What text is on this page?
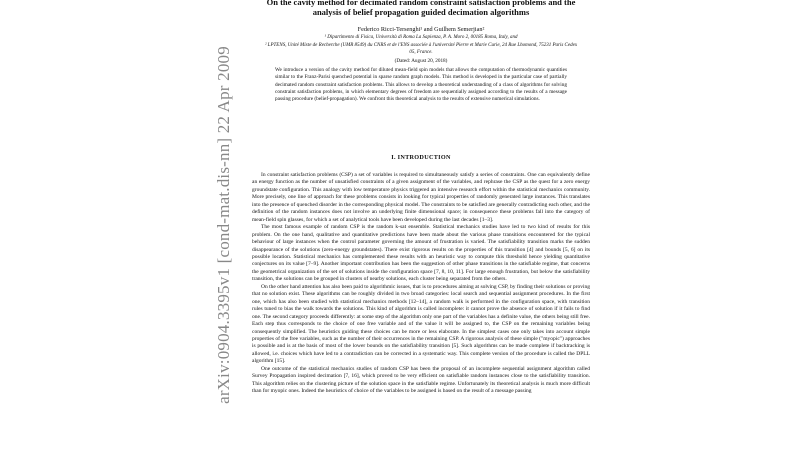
arXiv:0904.3395v1 [cond-mat.dis-nn] 22 Apr 2009
On the cavity method for decimated random constraint satisfaction problems and the analysis of belief propagation guided decimation algorithms
Federico Ricci-Tersenghi¹ and Guilhem Semerjian²
¹ Dipartimento di Fisica, Università di Roma La Sapienza, P. A. Moro 2, 00185 Roma, Italy, and
² LPTENS, Unité Mixte de Recherche (UMR 8549) du CNRS et de l'ENS associée à l'université Pierre et Marie Curie, 24 Rue Lhomond, 75231 Paris Cedex 05, France.
(Dated: August 20, 2018)

We introduce a version of the cavity method for diluted mean-field spin models that allows the computation of thermodynamic quantities similar to the Franz-Parisi quenched potential in sparse random graph models. This method is developed in the particular case of partially decimated random constraint satisfaction problems. This allows to develop a theoretical understanding of a class of algorithms for solving constraint satisfaction problems, in which elementary degrees of freedom are sequentially assigned according to the results of a message passing procedure (belief-propagation). We confront this theoretical analysis to the results of extensive numerical simulations.

I. INTRODUCTION

In constraint satisfaction problems (CSP) a set of variables is required to simultaneously satisfy a series of constraints. One can equivalently define an energy function as the number of unsatisfied constraints of a given assignment of the variables, and rephrase the CSP as the quest for a zero energy groundstate configuration. This analogy with low temperature physics triggered an intensive research effort within the statistical mechanics community. More precisely, one line of approach for these problems consists in looking for typical properties of randomly generated large instances. This translates into the presence of quenched disorder in the corresponding physical model. The constraints to be satisfied are generally contradicting each other, and the definition of the random instances does not involve an underlying finite dimensional space; in consequence these problems fall into the category of mean-field spin glasses, for which a set of analytical tools have been developed during the last decades [1–3].

The most famous example of random CSP is the random k-sat ensemble. Statistical mechanics studies have led to two kind of results for this problem. On the one hand, qualitative and quantitative predictions have been made about the various phase transitions encountered for the typical behaviour of large instances when the control parameter governing the amount of frustration is varied. The satisfiability transition marks the sudden disappearance of the solutions (zero-energy groundstates). There exist rigorous results on the properties of this transition [4] and bounds [5, 6] on its possible location. Statistical mechanics has complemented these results with an heuristic way to compute this threshold hence yielding quantitative conjectures on its value [7–9]. Another important contribution has been the suggestion of other phase transitions in the satisfiable regime, that concerns the geometrical organization of the set of solutions inside the configuration space [7, 8, 10, 11]. For large enough frustration, but below the satisfiability transition, the solutions can be grouped in clusters of nearby solutions, each cluster being separated from the others.

On the other hand attention has also been paid to algorithmic issues, that is to procedures aiming at solving CSP, by finding their solutions or proving that no solution exist. These algorithms can be roughly divided in two broad categories: local search and sequential assignment procedures. In the first one, which has also been studied with statistical mechanics methods [12–14], a random walk is performed in the configuration space, with transition rules tuned to bias the walk towards the solutions. This kind of algorithm is called incomplete: it cannot prove the absence of solution if it fails to find one. The second category proceeds differently: at some step of the algorithm only one part of the variables has a definite value, the others being still free. Each step thus corresponds to the choice of one free variable and of the value it will be assigned to, the CSP on the remaining variables being consequently simplified. The heuristics guiding these choices can be more or less elaborate. In the simplest cases one only takes into account simple properties of the free variables, such as the number of their occurrences in the remaining CSP. A rigorous analysis of these simple ("myopic") approaches is possible and is at the basis of most of the lower bounds on the satisfiability transition [5]. Such algorithms can be made complete if backtracking is allowed, i.e. choices which have led to a contradiction can be corrected in a systematic way. This complete version of the procedure is called the DPLL algorithm [15].

One outcome of the statistical mechanics studies of random CSP has been the proposal of an incomplete sequential assignment algorithm called Survey Propagation inspired decimation [7, 16], which proved to be very efficient on satisfiable random instances close to the satisfiability transition. This algorithm relies on the clustering picture of the solution space in the satisfiable regime. Unfortunately its theoretical analysis is much more difficult than for myopic ones. Indeed the heuristics of choice of the variables to be assigned is based on the result of a message passing
